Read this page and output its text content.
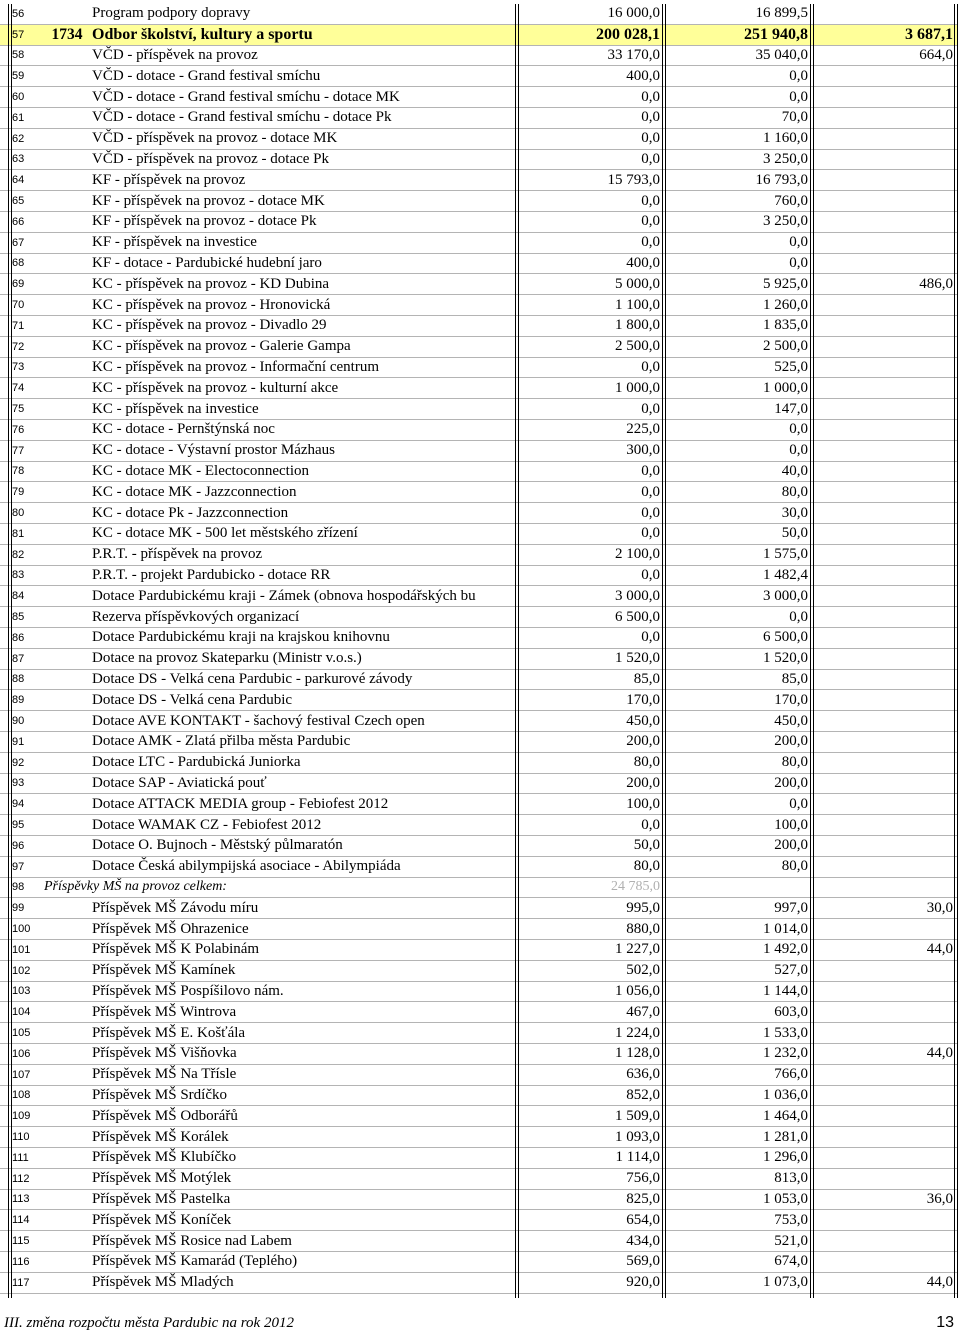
56	Program podpory dopravy	16 000,0	16 899,5
57	1734 Odbor školství, kultury a sportu	200 028,1	251 940,8	3 687,1
58	VČD - příspěvek na provoz	33 170,0	35 040,0	664,0
59	VČD - dotace - Grand festival smíchu	400,0	0,0
60	VČD - dotace - Grand festival smíchu - dotace MK	0,0	0,0
61	VČD - dotace - Grand festival smíchu - dotace Pk	0,0	70,0
62	VČD - příspěvek na provoz - dotace MK	0,0	1 160,0
63	VČD - příspěvek na provoz - dotace Pk	0,0	3 250,0
64	KF - příspěvek na provoz	15 793,0	16 793,0
65	KF - příspěvek na provoz - dotace MK	0,0	760,0
66	KF - příspěvek na provoz - dotace Pk	0,0	3 250,0
67	KF - příspěvek na investice	0,0	0,0
68	KF - dotace - Pardubické hudební jaro	400,0	0,0
69	KC - příspěvek na provoz - KD Dubina	5 000,0	5 925,0	486,0
70	KC - příspěvek na provoz - Hronovická	1 100,0	1 260,0
71	KC - příspěvek na provoz - Divadlo 29	1 800,0	1 835,0
72	KC - příspěvek na provoz - Galerie Gampa	2 500,0	2 500,0
73	KC - příspěvek na provoz - Informační centrum	0,0	525,0
74	KC - příspěvek na provoz - kulturní akce	1 000,0	1 000,0
75	KC - příspěvek na investice	0,0	147,0
76	KC - dotace - Pernštýnská noc	225,0	0,0
77	KC - dotace - Výstavní prostor Mázhaus	300,0	0,0
78	KC - dotace MK - Electoconnection	0,0	40,0
79	KC - dotace MK - Jazzconnection	0,0	80,0
80	KC - dotace Pk - Jazzconnection	0,0	30,0
81	KC - dotace MK - 500 let městského zřízení	0,0	50,0
82	P.R.T. - příspěvek na provoz	2 100,0	1 575,0
83	P.R.T. - projekt Pardubicko - dotace RR	0,0	1 482,4
84	Dotace Pardubickému kraji - Zámek (obnova hospodářských bu	3 000,0	3 000,0
85	Rezerva příspěvkových organizací	6 500,0	0,0
86	Dotace Pardubickému kraji na krajskou knihovnu	0,0	6 500,0
87	Dotace na provoz Skateparku (Ministr v.o.s.)	1 520,0	1 520,0
88	Dotace DS - Velká cena Pardubic - parkurové závody	85,0	85,0
89	Dotace DS - Velká cena Pardubic	170,0	170,0
90	Dotace AVE KONTAKT - šachový festival Czech open	450,0	450,0
91	Dotace AMK - Zlatá přilba města Pardubic	200,0	200,0
92	Dotace LTC - Pardubická Juniorka	80,0	80,0
93	Dotace SAP - Aviatická pouť	200,0	200,0
94	Dotace ATTACK MEDIA group - Febiofest 2012	100,0	0,0
95	Dotace WAMAK CZ - Febiofest 2012	0,0	100,0
96	Dotace O. Bujnoch - Městský půlmaratón	50,0	200,0
97	Dotace Česká abilympijská asociace - Abilympiáda	80,0	80,0
98	Příspěvky MŠ na provoz celkem:	24 785,0
99	Příspěvek MŠ Závodu míru	995,0	997,0	30,0
100	Příspěvek MŠ Ohrazenice	880,0	1 014,0
101	Příspěvek MŠ K Polabinám	1 227,0	1 492,0	44,0
102	Příspěvek MŠ Kamínek	502,0	527,0
103	Příspěvek MŠ Pospíšilovo nám.	1 056,0	1 144,0
104	Příspěvek MŠ Wintrova	467,0	603,0
105	Příspěvek MŠ E. Košťála	1 224,0	1 533,0
106	Příspěvek MŠ Višňovka	1 128,0	1 232,0	44,0
107	Příspěvek MŠ Na Třísle	636,0	766,0
108	Příspěvek MŠ Srdíčko	852,0	1 036,0
109	Příspěvek MŠ Odborářů	1 509,0	1 464,0
110	Příspěvek MŠ Korálek	1 093,0	1 281,0
111	Příspěvek MŠ Klubíčko	1 114,0	1 296,0
112	Příspěvek MŠ Motýlek	756,0	813,0
113	Příspěvek MŠ Pastelka	825,0	1 053,0	36,0
114	Příspěvek MŠ Koníček	654,0	753,0
115	Příspěvek MŠ Rosice nad Labem	434,0	521,0
116	Příspěvek MŠ Kamarád (Teplého)	569,0	674,0
117	Příspěvek MŠ Mladých	920,0	1 073,0	44,0
III. změna rozpočtu města Pardubic na rok 2012	13
